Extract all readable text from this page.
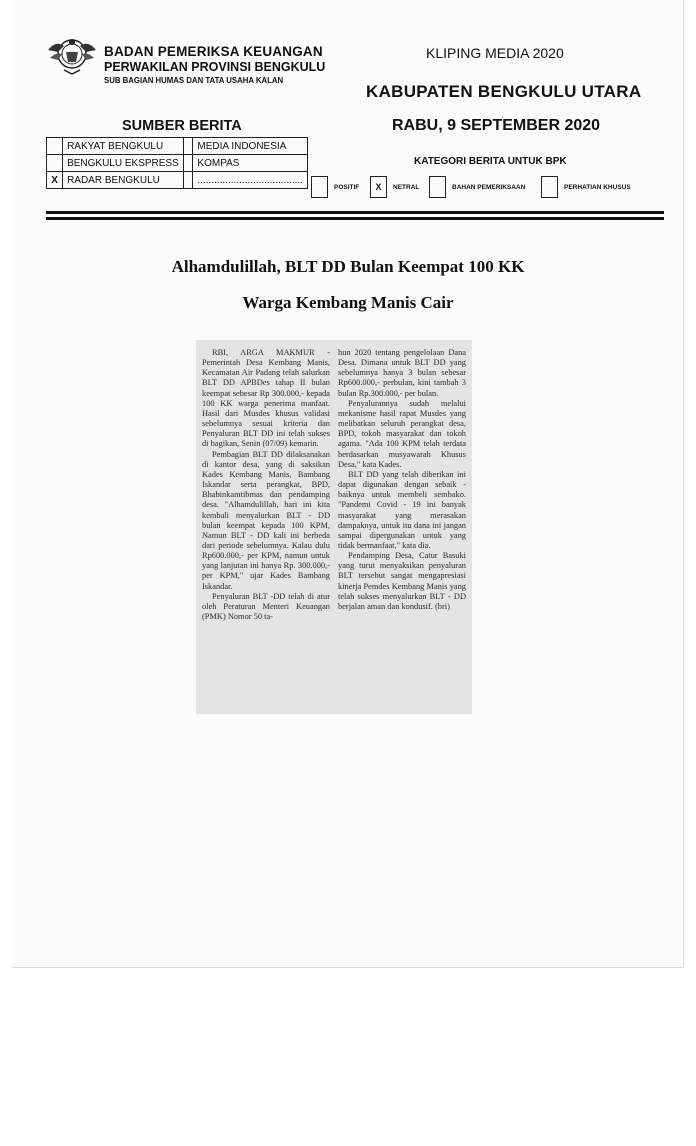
BADAN PEMERIKSA KEUANGAN
PERWAKILAN PROVINSI BENGKULU
SUB BAGIAN HUMAS DAN TATA USAHA KALAN
KLIPING MEDIA 2020
KABUPATEN BENGKULU UTARA
RABU, 9 SEPTEMBER 2020
SUMBER BERITA
	RAKYAT BENGKULU		MEDIA INDONESIA
	BENGKULU EKSPRESS		KOMPAS
X	RADAR BENGKULU		......................................
KATEGORI BERITA UNTUK BPK
POSITIF	X	NETRAL	BAHAN PEMERIKSAAN	PERHATIAN KHUSUS
Alhamdulillah, BLT DD Bulan Keempat 100 KK
Warga Kembang Manis Cair

RBI, ARGA MAKMUR - Pemerintah Desa Kembang Manis, Kecamatan Air Padang telah salurkan BLT DD APBDes tahap II bulan keempat sebesar Rp 300.000,- kepada 100 KK warga penerima manfaat. Hasil dari Musdes khusus validasi sebelumnya sesuai kriteria dan Penyaluran BLT DD ini telah sukses di bagikan, Senin (07/09) kemarin.

Pembagian BLT DD dilaksanakan di kantor desa, yang di saksikan Kades Kembang Manis, Bambang Iskandar serta perangkat, BPD, Bhabinkamtibmas dan pendamping desa. "Alhamdulillah, hari ini kita kembali menyalurkan BLT - DD bulan keempat kepada 100 KPM, Namun BLT - DD kali ini berbeda dari periode sebelumnya. Kalau dulu Rp600.000,- per KPM, namun untuk yang lanjutan ini hanya Rp. 300.000,- per KPM," ujar Kades Bambang Iskandar.

Penyaluran BLT -DD telah di atur oleh Peraturan Menteri Keuangan (PMK) Nomor 50 ta-

hun 2020 tentang pengelolaan Dana Desa. Dimana untuk BLT DD yang sebelumnya hanya 3 bulan sebesar Rp600.000,- perbulan, kini tambah 3 bulan Rp.300.000,- per bulan.

Penyalurannya sudah melalui mekanisme hasil rapat Musdes yang melibatkan seluruh perangkat desa, BPD, tokoh masyarakat dan tokoh agama. "Ada 100 KPM telah terdata berdasarkan musyawarah Khusus Desa," kata Kades.

BLT DD yang telah diberikan ini dapat digunakan dengan sebaik - baiknya untuk membeli sembako. "Pandemi Covid - 19 ini banyak masyarakat yang merasakan dampaknya, untuk itu dana ini jangan sampai dipergunakan untuk yang tidak bermanfaat," kata dia.

Pendamping Desa, Catur Basuki yang turut menyaksikan penyaluran BLT tersebut sangat mengapresiasi kinerja Pemdes Kembang Manis yang telah sukses menyalurkan BLT - DD berjalan aman dan kondusif. (bri)
